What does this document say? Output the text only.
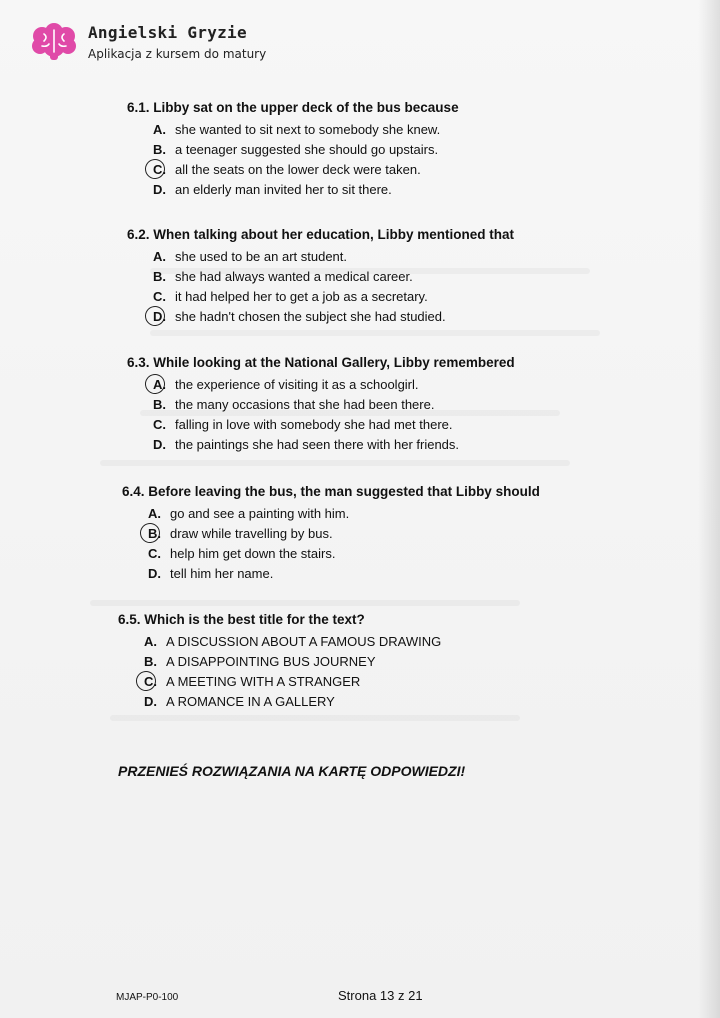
Angielski Gryzie
Aplikacja z kursem do matury
6.1. Libby sat on the upper deck of the bus because
A. she wanted to sit next to somebody she knew.
B. a teenager suggested she should go upstairs.
C. all the seats on the lower deck were taken.
D. an elderly man invited her to sit there.
6.2. When talking about her education, Libby mentioned that
A. she used to be an art student.
B. she had always wanted a medical career.
C. it had helped her to get a job as a secretary.
D. she hadn't chosen the subject she had studied.
6.3. While looking at the National Gallery, Libby remembered
A. the experience of visiting it as a schoolgirl.
B. the many occasions that she had been there.
C. falling in love with somebody she had met there.
D. the paintings she had seen there with her friends.
6.4. Before leaving the bus, the man suggested that Libby should
A. go and see a painting with him.
B. draw while travelling by bus.
C. help him get down the stairs.
D. tell him her name.
6.5. Which is the best title for the text?
A. A DISCUSSION ABOUT A FAMOUS DRAWING
B. A DISAPPOINTING BUS JOURNEY
C. A MEETING WITH A STRANGER
D. A ROMANCE IN A GALLERY
PRZENIEŚ ROZWIĄZANIA NA KARTĘ ODPOWIEDZI!
MJAP-P0-100	Strona 13 z 21
